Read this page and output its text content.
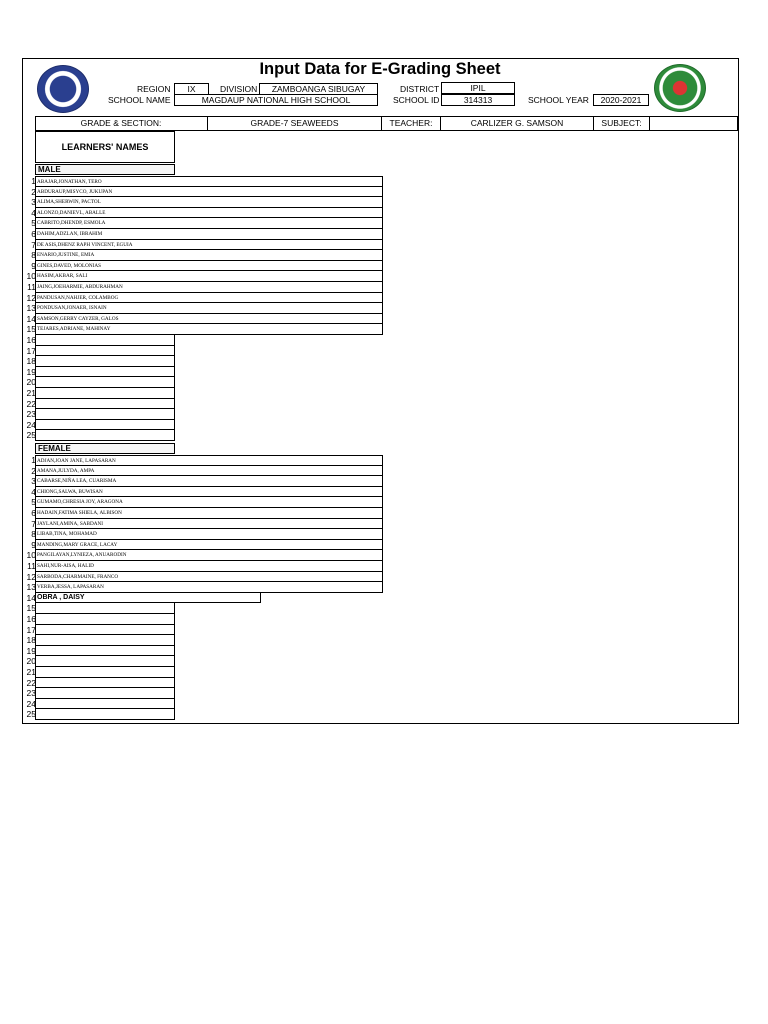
Input Data for E-Grading Sheet
REGION	IX	DIVISION	ZAMBOANGA SIBUGAY	DISTRICT	IPIL
SCHOOL NAME	MAGDAUP NATIONAL HIGH SCHOOL	SCHOOL ID	314313	SCHOOL YEAR	2020-2021
GRADE & SECTION:	GRADE-7 SEAWEEDS	TEACHER:	CARLIZER G. SAMSON	SUBJECT:
LEARNERS' NAMES
MALE
1 ABAJAR,JONATHAN, TERO
2 ABDURAUP,MISYCO, JUKUPAN
3 ALIMA,SHERWIN, PACTOL
4 ALONZO,DANIEVL, ABALLE
5 CABRITO,DHENDP, ESMOLA
6 DAHIM,ADZLAN, IBRAHIM
7 DE ASIS,DHENZ RAPH VINCENT, EGUIA
8 ENARIO,JUSTINE, EMIA
9 GINES,DAVED, MOLONIAS
10 HASIM,AKBAR, SALI
11 JAING,JOEHARMIE, ABDURAHMAN
12 PANDUSAN,NAHJER, COLAMBOG
13 PONDUSAN,JONAER, ISNAIN
14 SAMSON,GERRY CAYZER, GALOS
15 TEJARES,ADRIANE, MAHINAY
16
17
18
19
20
21
22
23
24
25
FEMALE
1 ADJAN,JOAN JANE, LAPASARAN
2 AMANA,JULYDA, AMPA
3 CABARSE,NIÑA LEA, CUARISMA
4 CHIONG,SALWA, BUWISAN
5 GUMAMO,CHRESIA JOY, ARAGONA
6 HADAIN,FATIMA SHIELA, ALBISON
7 JAYLANI,AMINA, SABDANI
8 LIBAB,TINA, MOHAMAD
9 MANDING,MARY GRACE, LACAY
10 PANGILAYAN,LYNIEZA, ANUARODIN
11 SAHI,NUR-AISA, HALID
12 SARBODA,CHARMAINE, FRANCO
13 VERBA,JESSA, LAPASARAN
14 OBRA , DAISY
15
16
17
18
19
20
21
22
23
24
25
